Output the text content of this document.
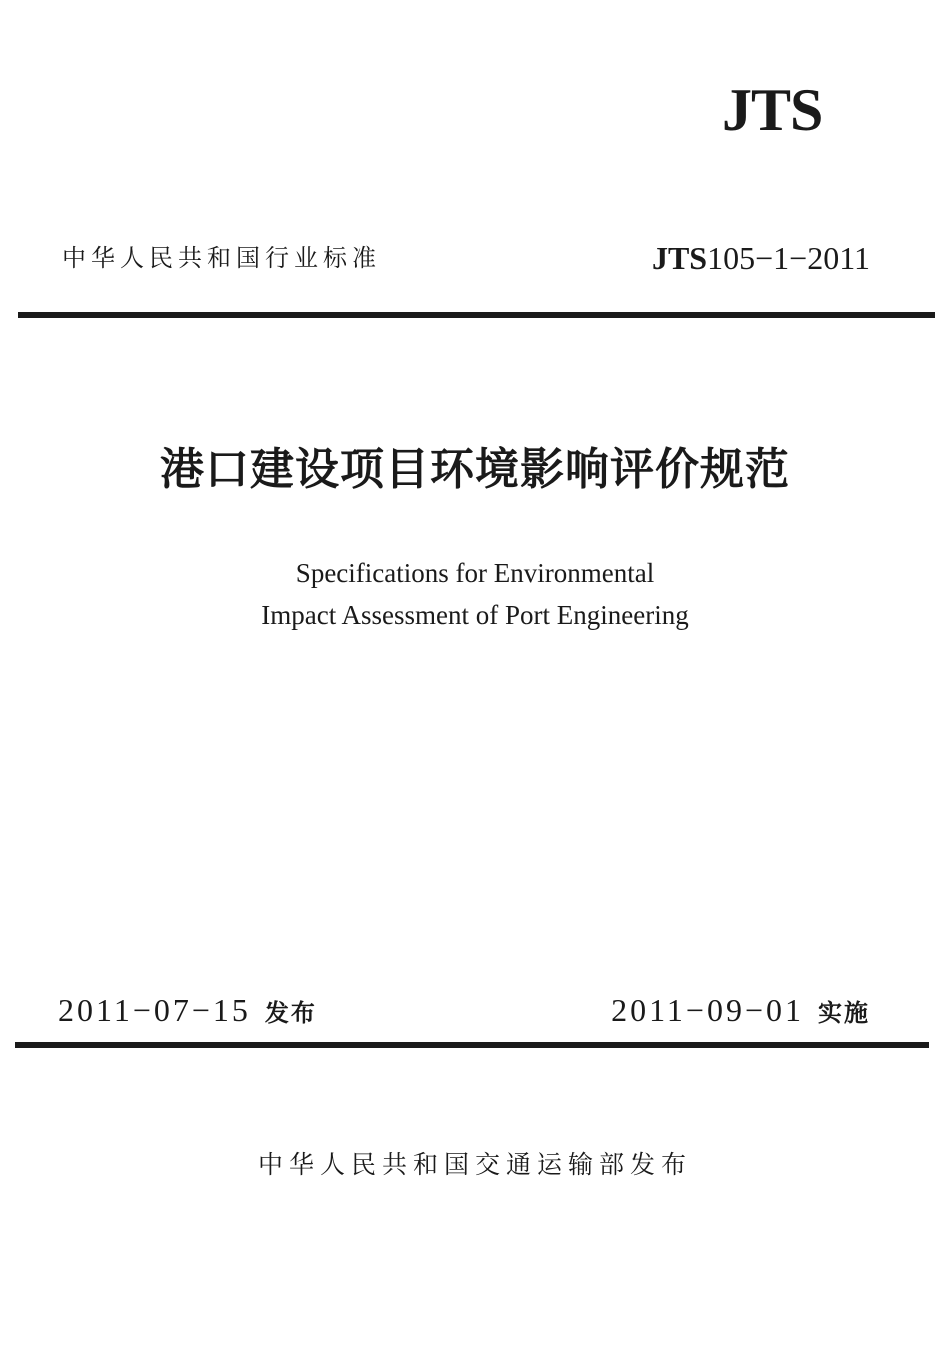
JTS
中华人民共和国行业标准	JTS105−1−2011
港口建设项目环境影响评价规范
Specifications for Environmental
Impact Assessment of Port Engineering
2011−07−15 发布	2011−09−01 实施
中华人民共和国交通运输部发布
